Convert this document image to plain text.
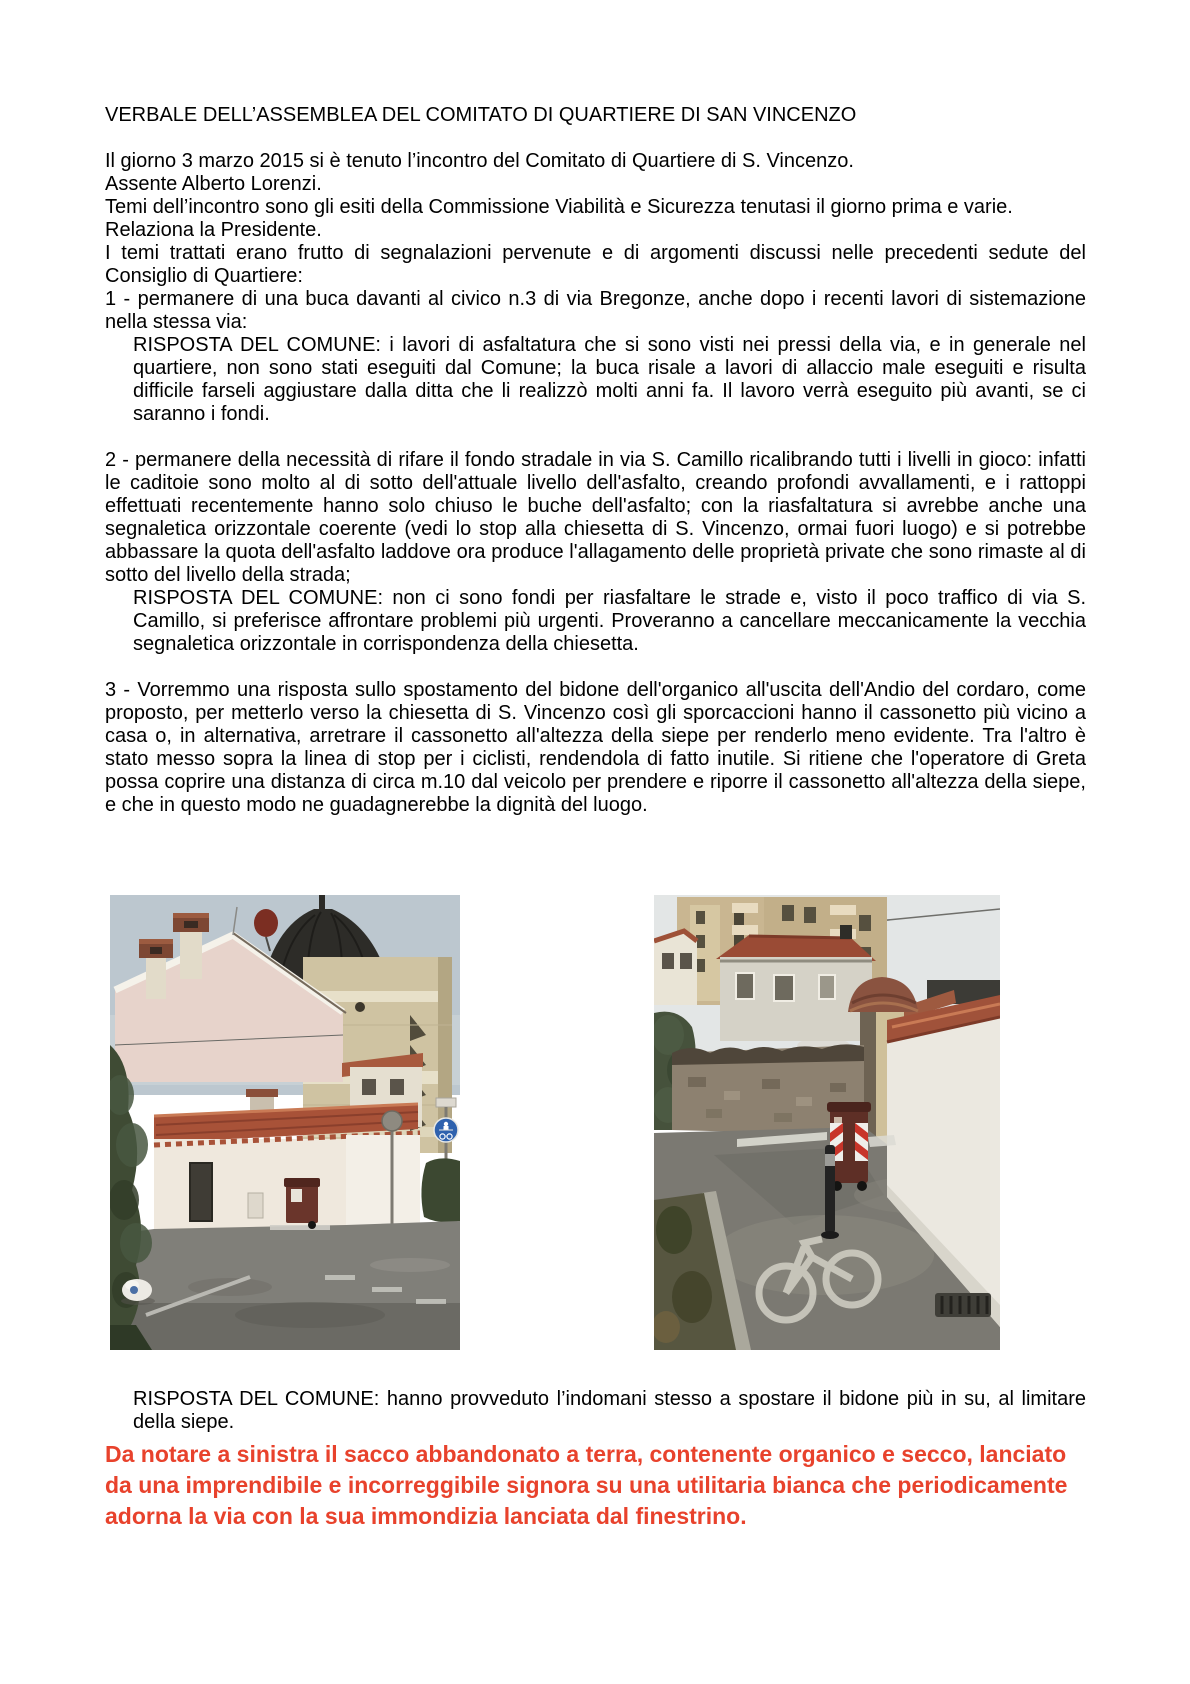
VERBALE DELL’ASSEMBLEA DEL COMITATO DI QUARTIERE DI SAN VINCENZO

Il giorno 3 marzo 2015 si è tenuto l’incontro del Comitato di Quartiere di S. Vincenzo.

Assente Alberto Lorenzi.

Temi dell’incontro sono gli esiti della Commissione Viabilità e Sicurezza tenutasi il giorno prima e varie.

Relaziona la Presidente.

I temi trattati erano frutto di segnalazioni pervenute e di argomenti discussi nelle precedenti sedute del Consiglio di Quartiere:

1 - permanere di una buca davanti al civico n.3 di via Bregonze, anche dopo i recenti lavori di sistemazione nella stessa via:

RISPOSTA DEL COMUNE: i lavori di asfaltatura che si sono visti nei pressi della via, e in generale nel quartiere, non sono stati eseguiti dal Comune; la buca risale a lavori di allaccio male eseguiti e risulta difficile farseli aggiustare dalla ditta che li realizzò molti anni fa. Il lavoro verrà eseguito più avanti, se ci saranno i fondi.

2 - permanere della necessità di rifare il fondo stradale in via S. Camillo ricalibrando tutti i livelli in gioco: infatti le caditoie sono molto al di sotto dell'attuale livello dell'asfalto, creando profondi avvallamenti, e i rattoppi effettuati recentemente hanno solo chiuso le buche dell'asfalto; con la riasfaltatura si avrebbe anche una segnaletica orizzontale coerente (vedi lo stop alla chiesetta di S. Vincenzo, ormai fuori luogo) e si potrebbe abbassare la quota dell'asfalto laddove ora produce l'allagamento delle proprietà private che sono rimaste al di sotto del livello della strada;

RISPOSTA DEL COMUNE: non ci sono fondi per riasfaltare le strade e, visto il poco traffico di via S. Camillo, si preferisce affrontare problemi più urgenti. Proveranno a cancellare meccanicamente la vecchia segnaletica orizzontale in corrispondenza della chiesetta.

3 - Vorremmo una risposta sullo spostamento del bidone dell'organico all'uscita dell'Andio del cordaro, come proposto, per metterlo verso la chiesetta di S. Vincenzo così gli sporcaccioni hanno il cassonetto più vicino a casa o, in alternativa, arretrare il cassonetto all'altezza della siepe per renderlo meno evidente. Tra l'altro è stato messo sopra la linea di stop per i ciclisti, rendendola di fatto inutile. Si ritiene che l'operatore di Greta possa coprire una distanza di circa m.10 dal veicolo per prendere e riporre il cassonetto all'altezza della siepe, e che in questo modo ne guadagnerebbe la dignità del luogo.

RISPOSTA DEL COMUNE: hanno provveduto l’indomani stesso a spostare il bidone più in su, al limitare della siepe.

Da notare a sinistra il sacco abbandonato a terra, contenente organico e secco, lanciato da una imprendibile e incorreggibile signora su una utilitaria bianca che periodicamente adorna la via con la sua immondizia lanciata dal finestrino.
